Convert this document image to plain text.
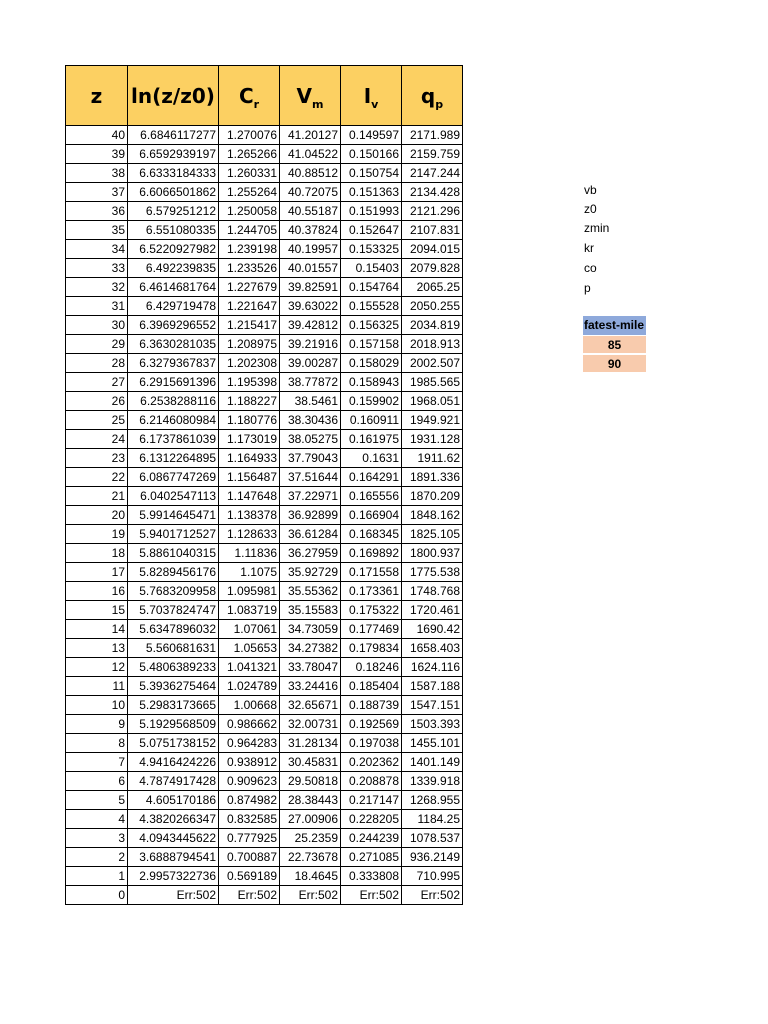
z	ln(z/z0)	$C_r$	$V_m$	$I_v$	$q_p$
40	6.6846117277	1.270076	41.20127	0.149597	2171.989
39	6.6592939197	1.265266	41.04522	0.150166	2159.759
38	6.6333184333	1.260331	40.88512	0.150754	2147.244
37	6.6066501862	1.255264	40.72075	0.151363	2134.428
36	6.579251212	1.250058	40.55187	0.151993	2121.296
35	6.551080335	1.244705	40.37824	0.152647	2107.831
34	6.5220927982	1.239198	40.19957	0.153325	2094.015
33	6.492239835	1.233526	40.01557	0.15403	2079.828
32	6.4614681764	1.227679	39.82591	0.154764	2065.25
31	6.429719478	1.221647	39.63022	0.155528	2050.255
30	6.3969296552	1.215417	39.42812	0.156325	2034.819
29	6.3630281035	1.208975	39.21916	0.157158	2018.913
28	6.3279367837	1.202308	39.00287	0.158029	2002.507
27	6.2915691396	1.195398	38.77872	0.158943	1985.565
26	6.2538288116	1.188227	38.5461	0.159902	1968.051
25	6.2146080984	1.180776	38.30436	0.160911	1949.921
24	6.1737861039	1.173019	38.05275	0.161975	1931.128
23	6.1312264895	1.164933	37.79043	0.1631	1911.62
22	6.0867747269	1.156487	37.51644	0.164291	1891.336
21	6.0402547113	1.147648	37.22971	0.165556	1870.209
20	5.9914645471	1.138378	36.92899	0.166904	1848.162
19	5.9401712527	1.128633	36.61284	0.168345	1825.105
18	5.8861040315	1.11836	36.27959	0.169892	1800.937
17	5.8289456176	1.1075	35.92729	0.171558	1775.538
16	5.7683209958	1.095981	35.55362	0.173361	1748.768
15	5.7037824747	1.083719	35.15583	0.175322	1720.461
14	5.6347896032	1.07061	34.73059	0.177469	1690.42
13	5.560681631	1.05653	34.27382	0.179834	1658.403
12	5.4806389233	1.041321	33.78047	0.18246	1624.116
11	5.3936275464	1.024789	33.24416	0.185404	1587.188
10	5.2983173665	1.00668	32.65671	0.188739	1547.151
9	5.1929568509	0.986662	32.00731	0.192569	1503.393
8	5.0751738152	0.964283	31.28134	0.197038	1455.101
7	4.9416424226	0.938912	30.45831	0.202362	1401.149
6	4.7874917428	0.909623	29.50818	0.208878	1339.918
5	4.605170186	0.874982	28.38443	0.217147	1268.955
4	4.3820266347	0.832585	27.00906	0.228205	1184.25
3	4.0943445622	0.777925	25.2359	0.244239	1078.537
2	3.6888794541	0.700887	22.73678	0.271085	936.2149
1	2.9957322736	0.569189	18.4645	0.333808	710.995
0	Err:502	Err:502	Err:502	Err:502	Err:502
vb
z0
zmin
kr
co
p
fatest-mile
85
90
